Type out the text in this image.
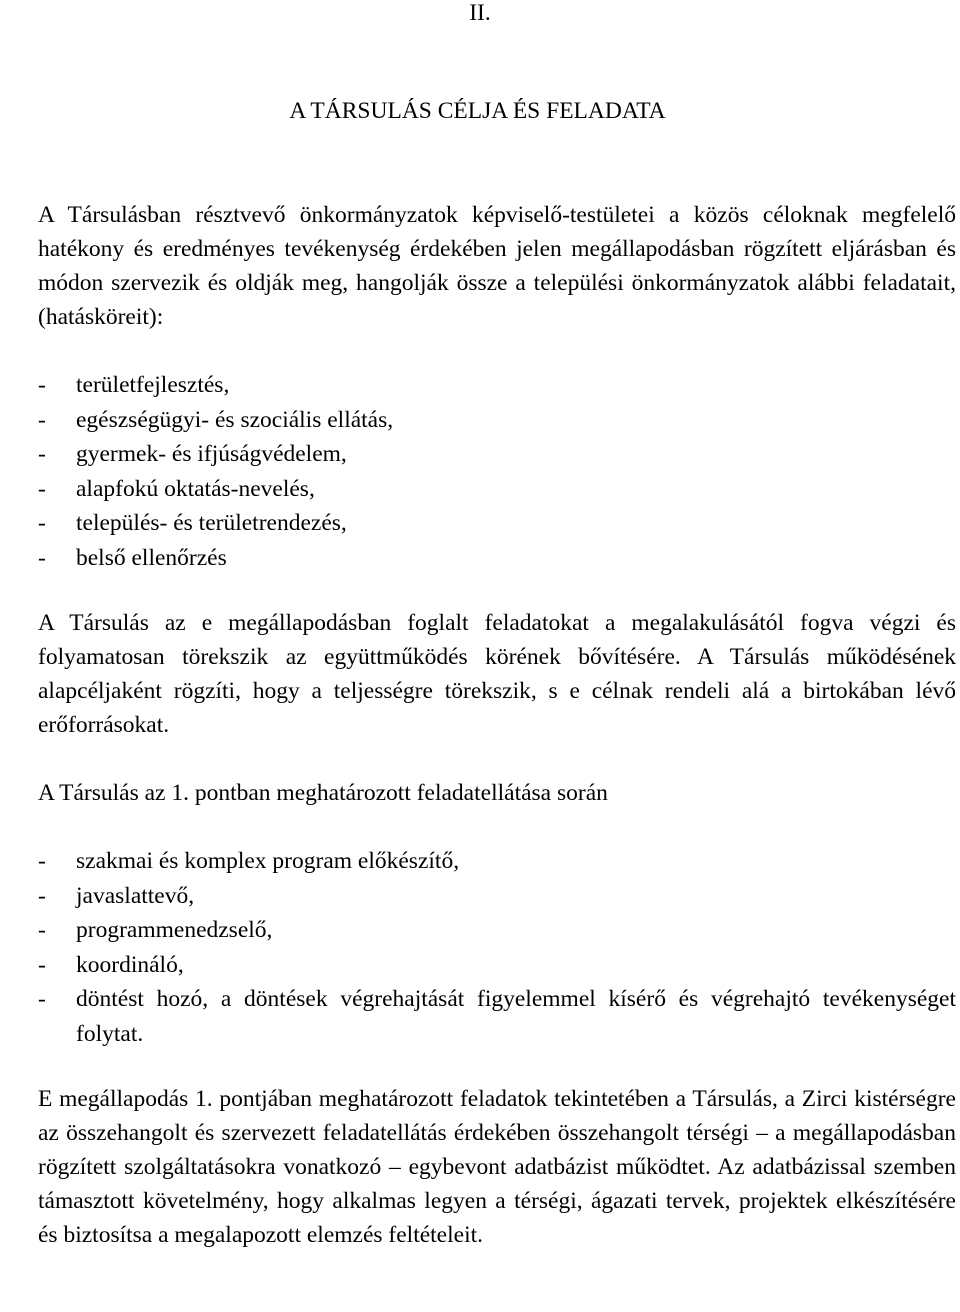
II.
A TÁRSULÁS CÉLJA ÉS FELADATA
A Társulásban résztvevő önkormányzatok képviselő-testületei a közös céloknak megfelelő hatékony és eredményes tevékenység érdekében jelen megállapodásban rögzített eljárásban és módon szervezik és oldják meg, hangolják össze a települési önkormányzatok alábbi feladatait, (hatásköreit):
- területfejlesztés,
- egészségügyi- és szociális ellátás,
- gyermek- és ifjúságvédelem,
- alapfokú oktatás-nevelés,
- település- és területrendezés,
- belső ellenőrzés
A Társulás az e megállapodásban foglalt feladatokat a megalakulásától fogva végzi és folyamatosan törekszik az együttműködés körének bővítésére. A Társulás működésének alapcéljaként rögzíti, hogy a teljességre törekszik, s e célnak rendeli alá a birtokában lévő erőforrásokat.
A Társulás az 1. pontban meghatározott feladatellátása során
- szakmai és komplex program előkészítő,
- javaslattevő,
- programmenedzselő,
- koordináló,
- döntést hozó, a döntések végrehajtását figyelemmel kísérő és végrehajtó tevékenységet folytat.
E megállapodás 1. pontjában meghatározott feladatok tekintetében a Társulás, a Zirci kistérségre az összehangolt és szervezett feladatellátás érdekében összehangolt térségi – a megállapodásban rögzített szolgáltatásokra vonatkozó – egybevont adatbázist működtet. Az adatbázissal szemben támasztott követelmény, hogy alkalmas legyen a térségi, ágazati tervek, projektek elkészítésére és biztosítsa a megalapozott elemzés feltételeit.
